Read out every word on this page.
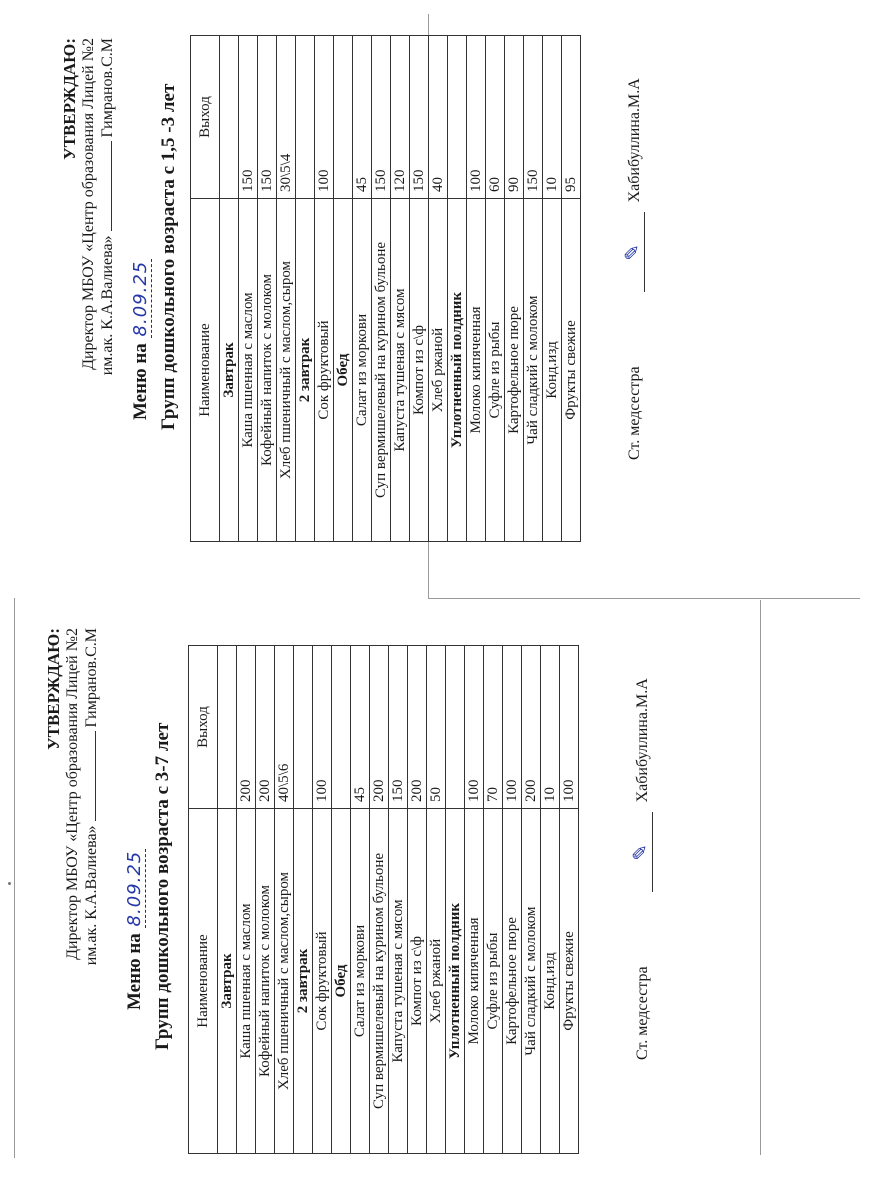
УТВЕРЖДАЮ: Директор МБОУ «Центр образования Лицей №2 им.ак. К.А.Валиева»  Гимранов.С.М
Меню на 8.09.25 Групп дошкольного возраста с 3-7 лет Наименование	Выход
Завтрак	
Каша пшенная с маслом	200
Кофейный напиток с молоком	200
Хлеб пшеничный с маслом,сыром	40\5\6
2 завтрак	
Сок фруктовый	100
Обед	
Салат из моркови	45
Суп вермишелевый на курином бульоне	200
Капуста тушеная с мясом	150
Компот из с\ф	200
Хлеб ржаной	50
Уплотненный полдник	
Молоко кипяченная	100
Суфле из рыбы	70
Картофельное пюре	100
Чай сладкий с молоком	200
Конд.изд	10
Фрукты свежие	100
Ст. медсестра  ✎ Хабибуллина.М.А
УТВЕРЖДАЮ: Директор МБОУ «Центр образования Лицей №2 им.ак. К.А.Валиева»  Гимранов.С.М
Меню на 8.09.25 Групп дошкольного возраста с 1,5 -3 лет Наименование	Выход
Завтрак	
Каша пшенная с маслом	150
Кофейный напиток с молоком	150
Хлеб пшеничный с маслом,сыром	30\5\4
2 завтрак	
Сок фруктовый	100
Обед	
Салат из моркови	45
Суп вермишелевый на курином бульоне	150
Капуста тушеная с мясом	120
Компот из с\ф	150
Хлеб ржаной	40
Уплотненный полдник	
Молоко кипяченная	100
Суфле из рыбы	60
Картофельное пюре	90
Чай сладкий с молоком	150
Конд.изд	10
Фрукты свежие	95
Ст. медсестра  ✎ Хабибуллина.М.А
